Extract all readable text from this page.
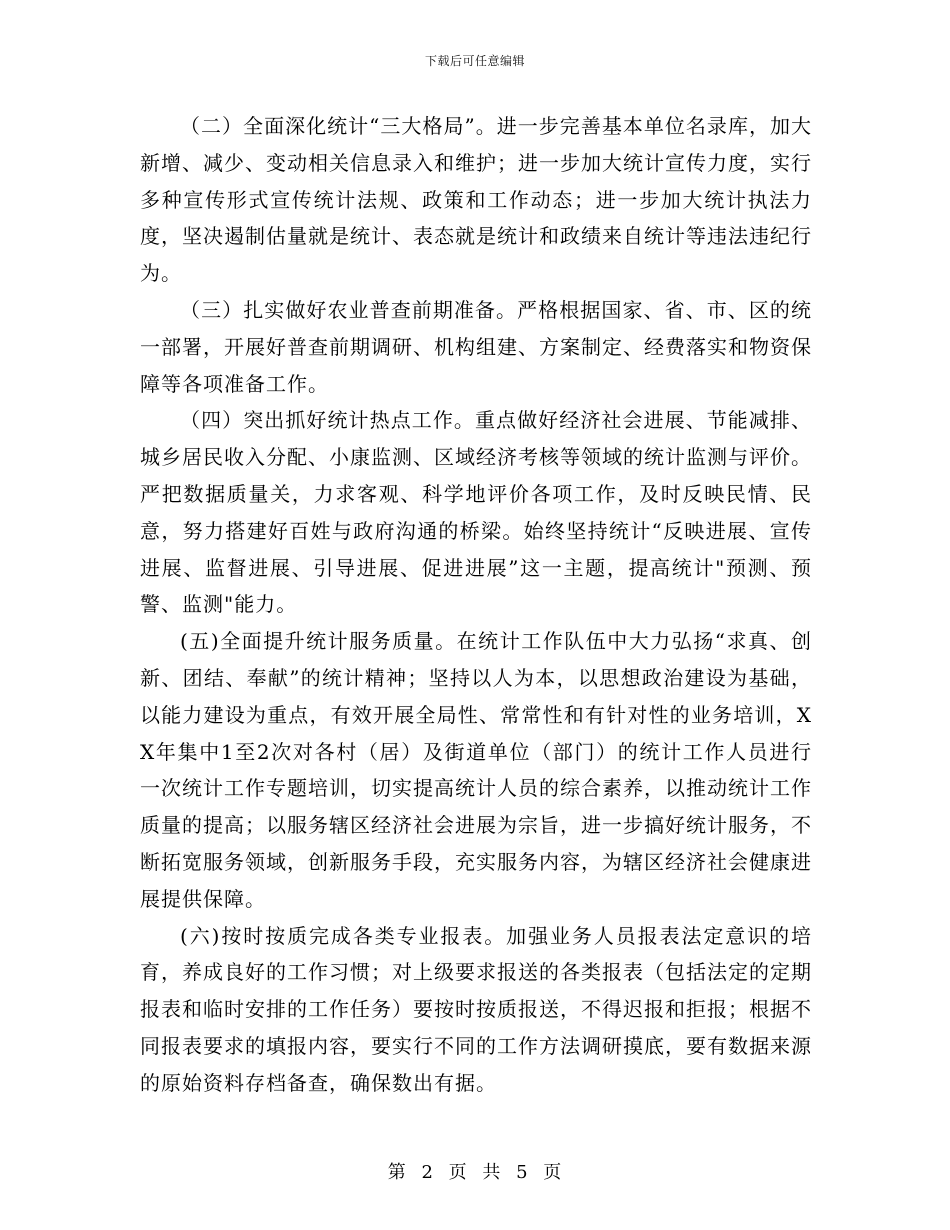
下载后可任意编辑

（二）全面深化统计“三大格局”。进一步完善基本单位名录库，加大新增、减少、变动相关信息录入和维护；进一步加大统计宣传力度，实行多种宣传形式宣传统计法规、政策和工作动态；进一步加大统计执法力度，坚决遏制估量就是统计、表态就是统计和政绩来自统计等违法违纪行为。

（三）扎实做好农业普查前期准备。严格根据国家、省、市、区的统一部署，开展好普查前期调研、机构组建、方案制定、经费落实和物资保障等各项准备工作。

（四）突出抓好统计热点工作。重点做好经济社会进展、节能减排、城乡居民收入分配、小康监测、区域经济考核等领域的统计监测与评价。严把数据质量关，力求客观、科学地评价各项工作，及时反映民情、民意，努力搭建好百姓与政府沟通的桥梁。始终坚持统计“反映进展、宣传进展、监督进展、引导进展、促进进展”这一主题，提高统计"预测、预警、监测"能力。

(五)全面提升统计服务质量。在统计工作队伍中大力弘扬“求真、创新、团结、奉献”的统计精神；坚持以人为本，以思想政治建设为基础，以能力建设为重点，有效开展全局性、常常性和有针对性的业务培训，XX年集中1至2次对各村（居）及街道单位（部门）的统计工作人员进行一次统计工作专题培训，切实提高统计人员的综合素养，以推动统计工作质量的提高；以服务辖区经济社会进展为宗旨，进一步搞好统计服务，不断拓宽服务领域，创新服务手段，充实服务内容，为辖区经济社会健康进展提供保障。

(六)按时按质完成各类专业报表。加强业务人员报表法定意识的培育，养成良好的工作习惯；对上级要求报送的各类报表（包括法定的定期报表和临时安排的工作任务）要按时按质报送，不得迟报和拒报；根据不同报表要求的填报内容，要实行不同的工作方法调研摸底，要有数据来源的原始资料存档备查，确保数出有据。

第 2 页 共 5 页
